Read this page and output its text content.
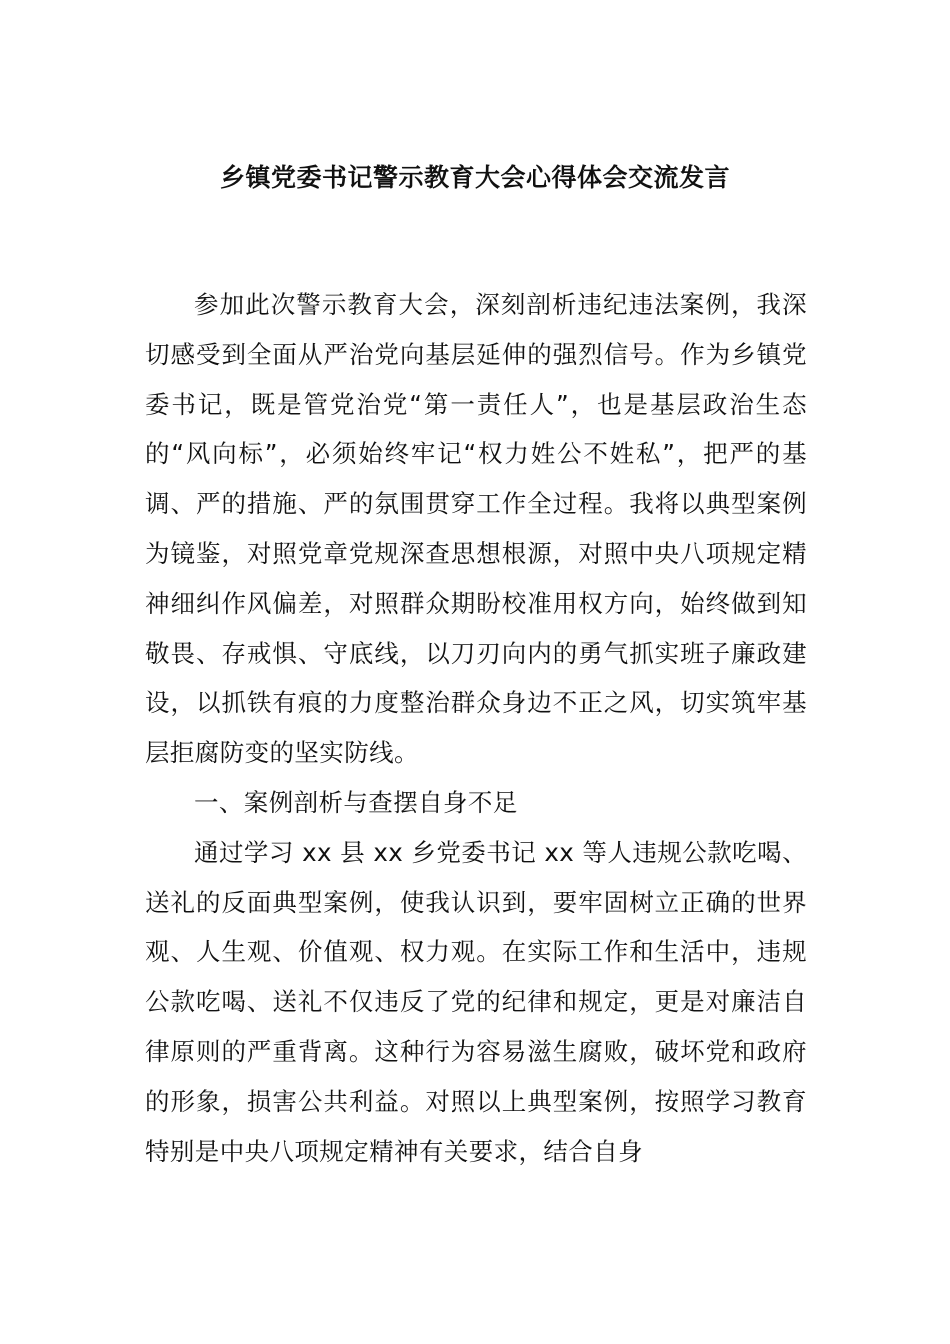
乡镇党委书记警示教育大会心得体会交流发言

参加此次警示教育大会，深刻剖析违纪违法案例，我深切感受到全面从严治党向基层延伸的强烈信号。作为乡镇党委书记，既是管党治党“第一责任人”，也是基层政治生态的“风向标”，必须始终牢记“权力姓公不姓私”，把严的基调、严的措施、严的氛围贯穿工作全过程。我将以典型案例为镜鉴，对照党章党规深查思想根源，对照中央八项规定精神细纠作风偏差，对照群众期盼校准用权方向，始终做到知敬畏、存戒惧、守底线，以刀刃向内的勇气抓实班子廉政建设，以抓铁有痕的力度整治群众身边不正之风，切实筑牢基层拒腐防变的坚实防线。

一、案例剖析与查摆自身不足

通过学习 xx 县 xx 乡党委书记 xx 等人违规公款吃喝、送礼的反面典型案例，使我认识到，要牢固树立正确的世界观、人生观、价值观、权力观。在实际工作和生活中，违规公款吃喝、送礼不仅违反了党的纪律和规定，更是对廉洁自律原则的严重背离。这种行为容易滋生腐败，破坏党和政府的形象，损害公共利益。对照以上典型案例，按照学习教育特别是中央八项规定精神有关要求，结合自身
